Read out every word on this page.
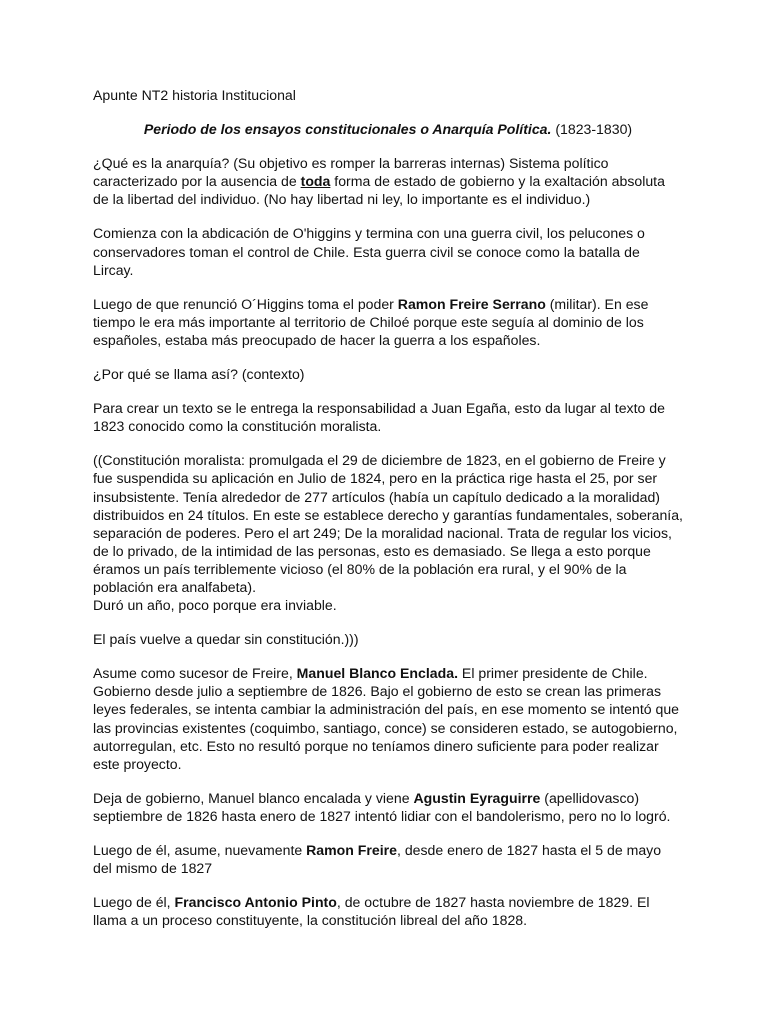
Apunte NT2 historia Institucional

Periodo de los ensayos constitucionales o Anarquía Política. (1823-1830)

¿Qué es la anarquía? (Su objetivo es romper la barreras internas) Sistema político caracterizado por la ausencia de toda forma de estado de gobierno y la exaltación absoluta de la libertad del individuo. (No hay libertad ni ley, lo importante es el individuo.)

Comienza con la abdicación de O'higgins y termina con una guerra civil, los pelucones o conservadores toman el control de Chile. Esta guerra civil se conoce como la batalla de Lircay.

Luego de que renunció O´Higgins toma el poder Ramon Freire Serrano (militar). En ese tiempo le era más importante al territorio de Chiloé porque este seguía al dominio de los españoles, estaba más preocupado de hacer la guerra a los españoles.

¿Por qué se llama así? (contexto)

Para crear un texto se le entrega la responsabilidad a Juan Egaña, esto da lugar al texto de 1823 conocido como la constitución moralista.

((Constitución moralista: promulgada el 29 de diciembre de 1823, en el gobierno de Freire y fue suspendida su aplicación en Julio de 1824, pero en la práctica rige hasta el 25, por ser insubsistente. Tenía alrededor de 277 artículos (había un capítulo dedicado a la moralidad) distribuidos en 24 títulos. En este se establece derecho y garantías fundamentales, soberanía, separación de poderes. Pero el art 249; De la moralidad nacional. Trata de regular los vicios, de lo privado, de la intimidad de las personas, esto es demasiado. Se llega a esto porque éramos un país terriblemente vicioso (el 80% de la población era rural, y el 90% de la población era analfabeta).

Duró un año, poco porque era inviable.

El país vuelve a quedar sin constitución.)))

Asume como sucesor de Freire, Manuel Blanco Enclada. El primer presidente de Chile. Gobierno desde julio a septiembre de 1826. Bajo el gobierno de esto se crean las primeras leyes federales, se intenta cambiar la administración del país, en ese momento se intentó que las provincias existentes (coquimbo, santiago, conce) se consideren estado, se autogobierno, autorregulan, etc. Esto no resultó porque no teníamos dinero suficiente para poder realizar este proyecto.

Deja de gobierno, Manuel blanco encalada y viene Agustin Eyraguirre (apellidovasco) septiembre de 1826 hasta enero de 1827 intentó lidiar con el bandolerismo, pero no lo logró.

Luego de él, asume, nuevamente Ramon Freire, desde enero de 1827 hasta el 5 de mayo del mismo de 1827

Luego de él, Francisco Antonio Pinto, de octubre de 1827 hasta noviembre de 1829. El llama a un proceso constituyente, la constitución libreal del año 1828.
